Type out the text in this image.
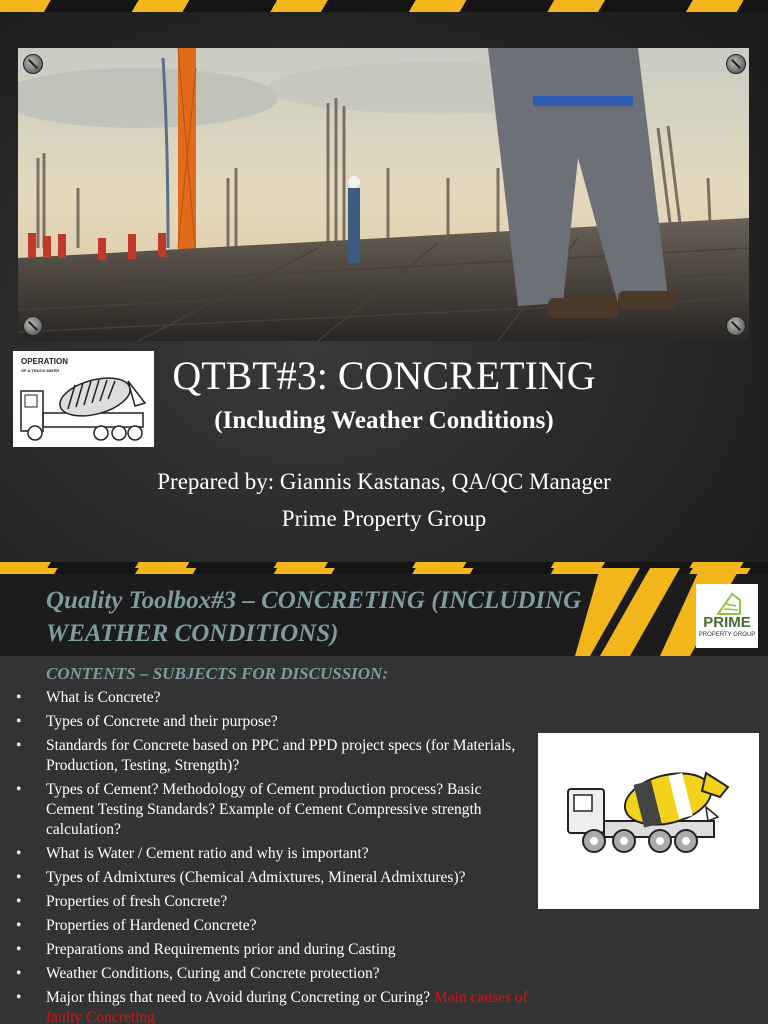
OPERATION
OF A TRUCK MIXER	QTBT#3: CONCRETING
(Including Weather Conditions)
Prepared by: Giannis Kastanas, QA/QC Manager
Prime Property Group
Quality Toolbox#3 – CONCRETING (INCLUDING WEATHER CONDITIONS)	PRIME
PROPERTY GROUP
CONTENTS – SUBJECTS FOR DISCUSSION:
• What is Concrete?
• Types of Concrete and their purpose?
• Standards for Concrete based on PPC and PPD project specs (for Materials, Production, Testing, Strength)?
• Types of Cement? Methodology of Cement production process? Basic Cement Testing Standards? Example of Cement Compressive strength calculation?
• What is Water / Cement ratio and why is important?
• Types of Admixtures (Chemical Admixtures, Mineral Admixtures)?
• Properties of fresh Concrete?
• Properties of Hardened Concrete?
• Preparations and Requirements prior and during Casting
• Weather Conditions, Curing and Concrete protection?
• Major things that need to Avoid during Concreting or Curing? Main causes of faulty Concreting
